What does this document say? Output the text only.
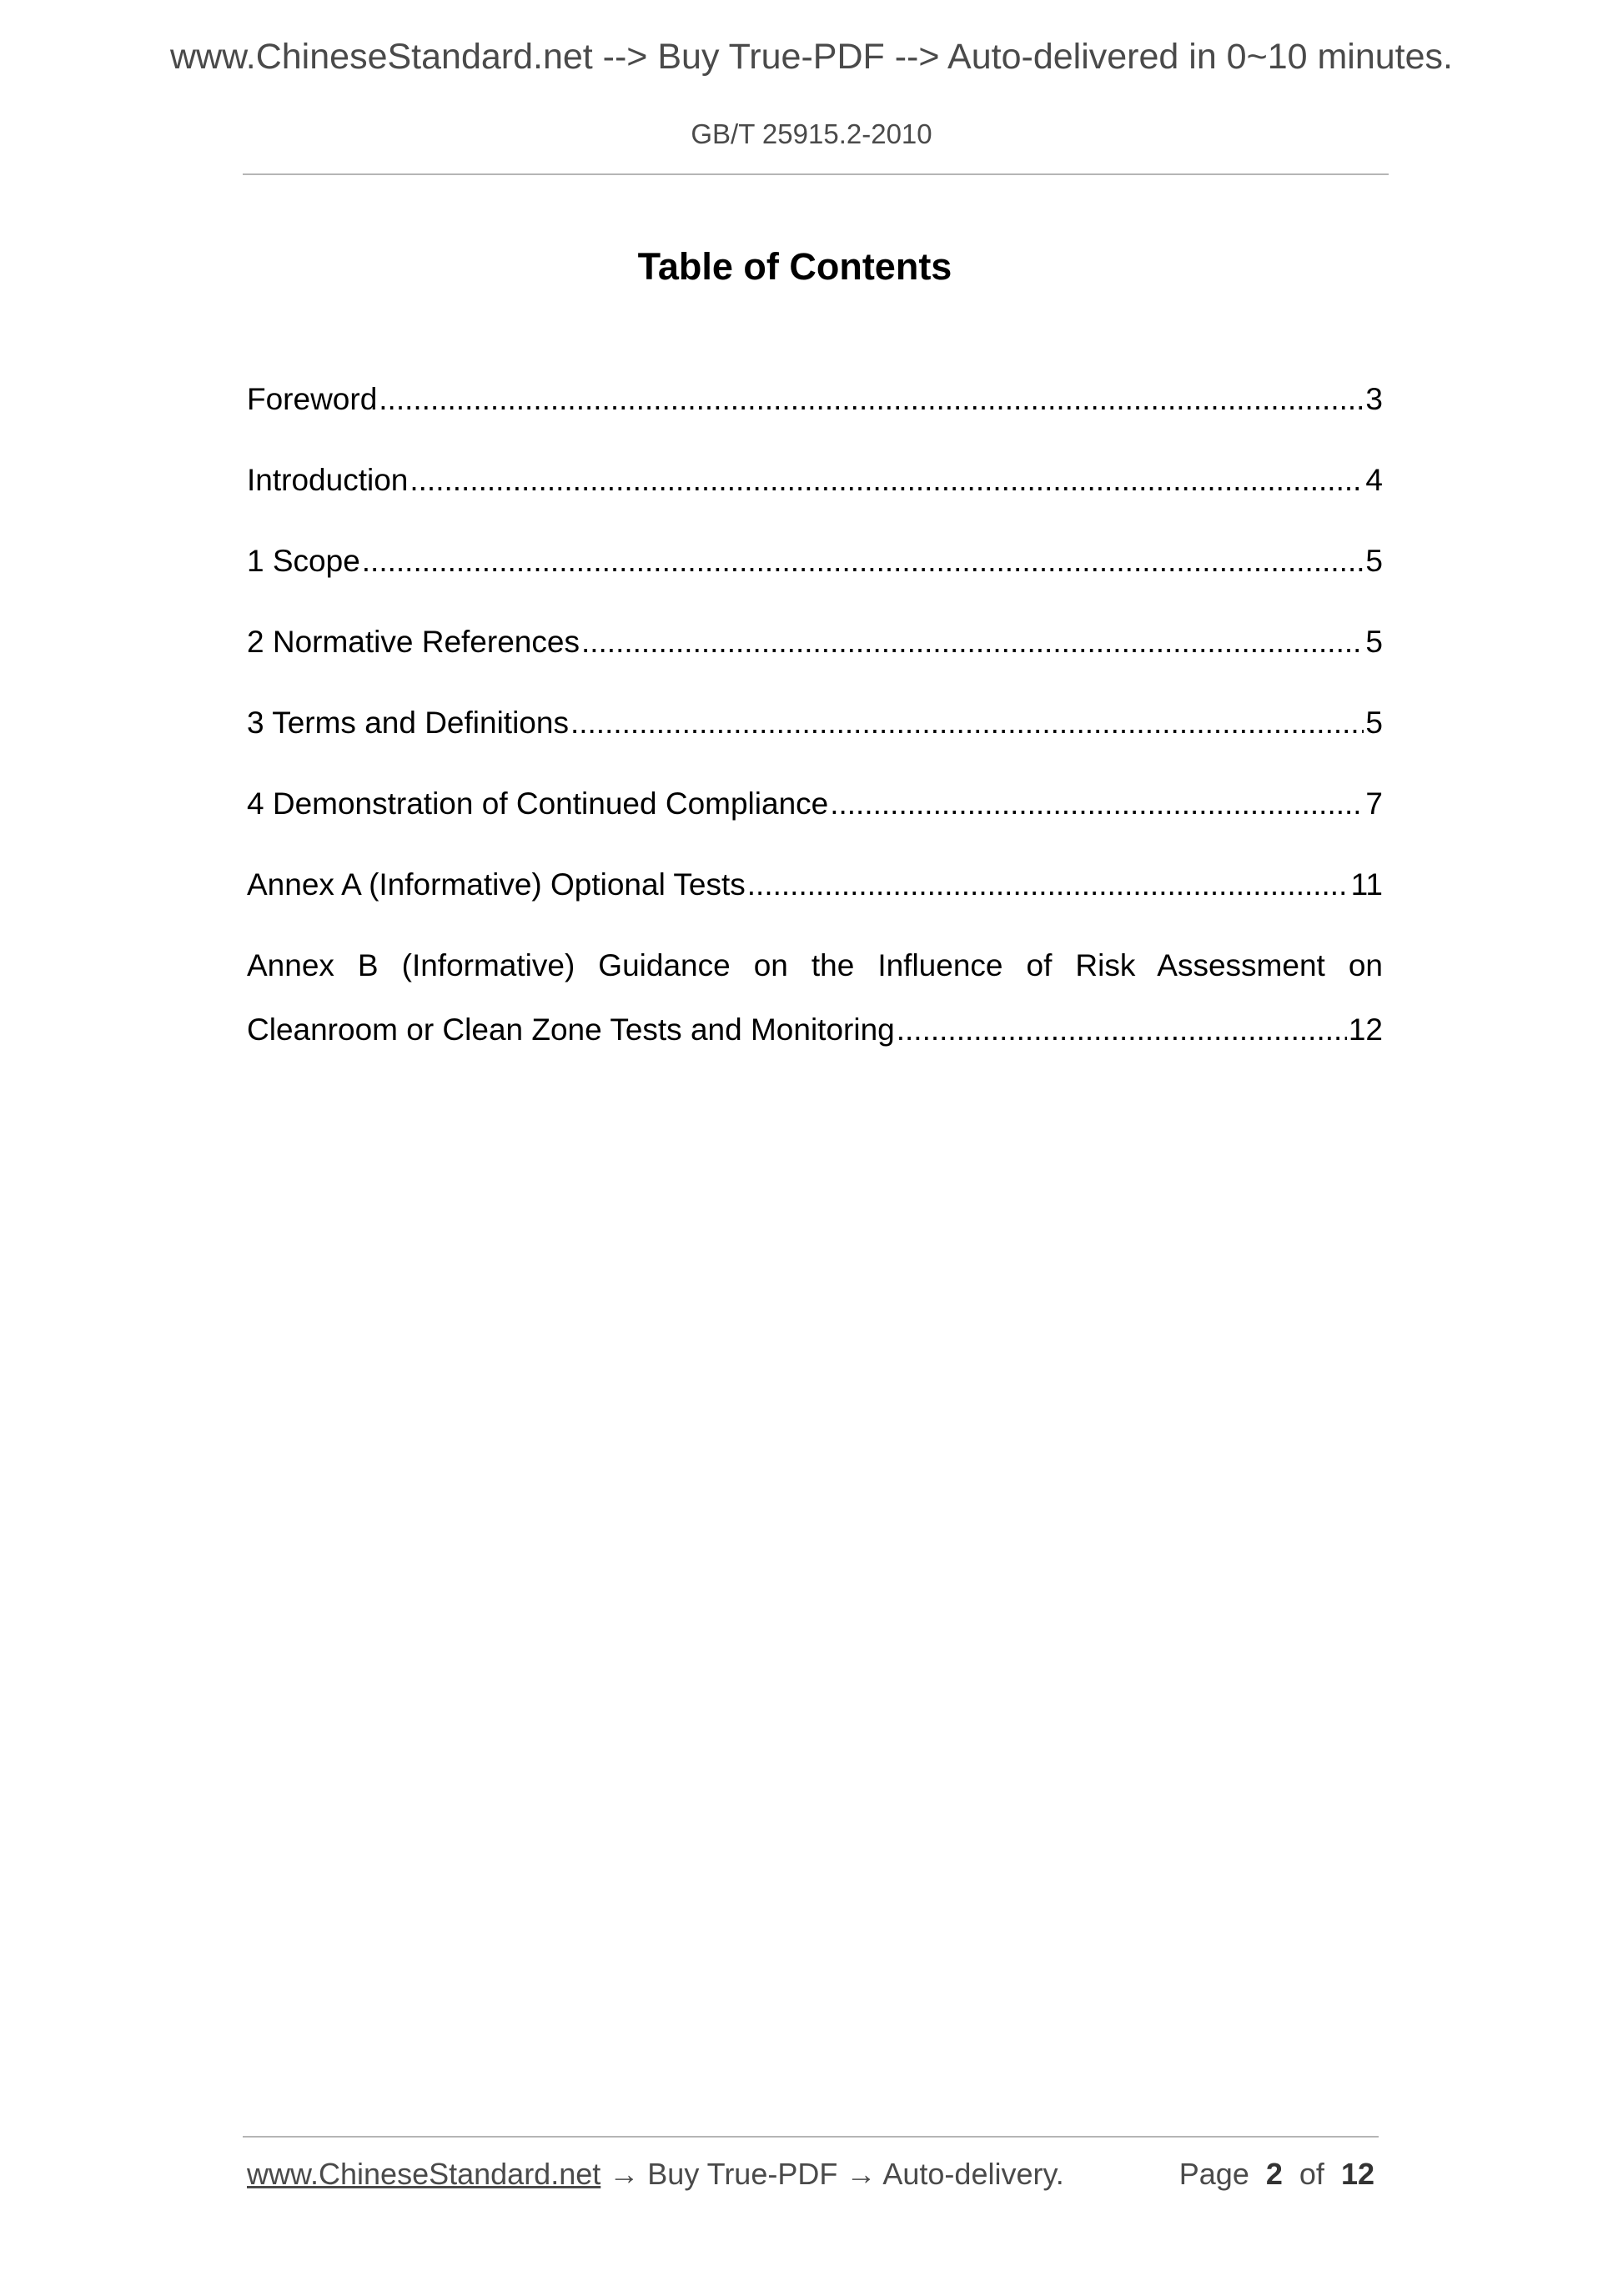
www.ChineseStandard.net --> Buy True-PDF --> Auto-delivered in 0~10 minutes.
GB/T 25915.2-2010
Table of Contents
Foreword .....	3
Introduction .....	4
1 Scope .....	5
2 Normative References .....	5
3 Terms and Definitions .....	5
4 Demonstration of Continued Compliance .....	7
Annex A (Informative) Optional Tests .....	11
Annex B (Informative) Guidance on the Influence of Risk Assessment on
Cleanroom or Clean Zone Tests and Monitoring .....	12
www.ChineseStandard.net → Buy True-PDF → Auto-delivery.	Page 2 of 12
